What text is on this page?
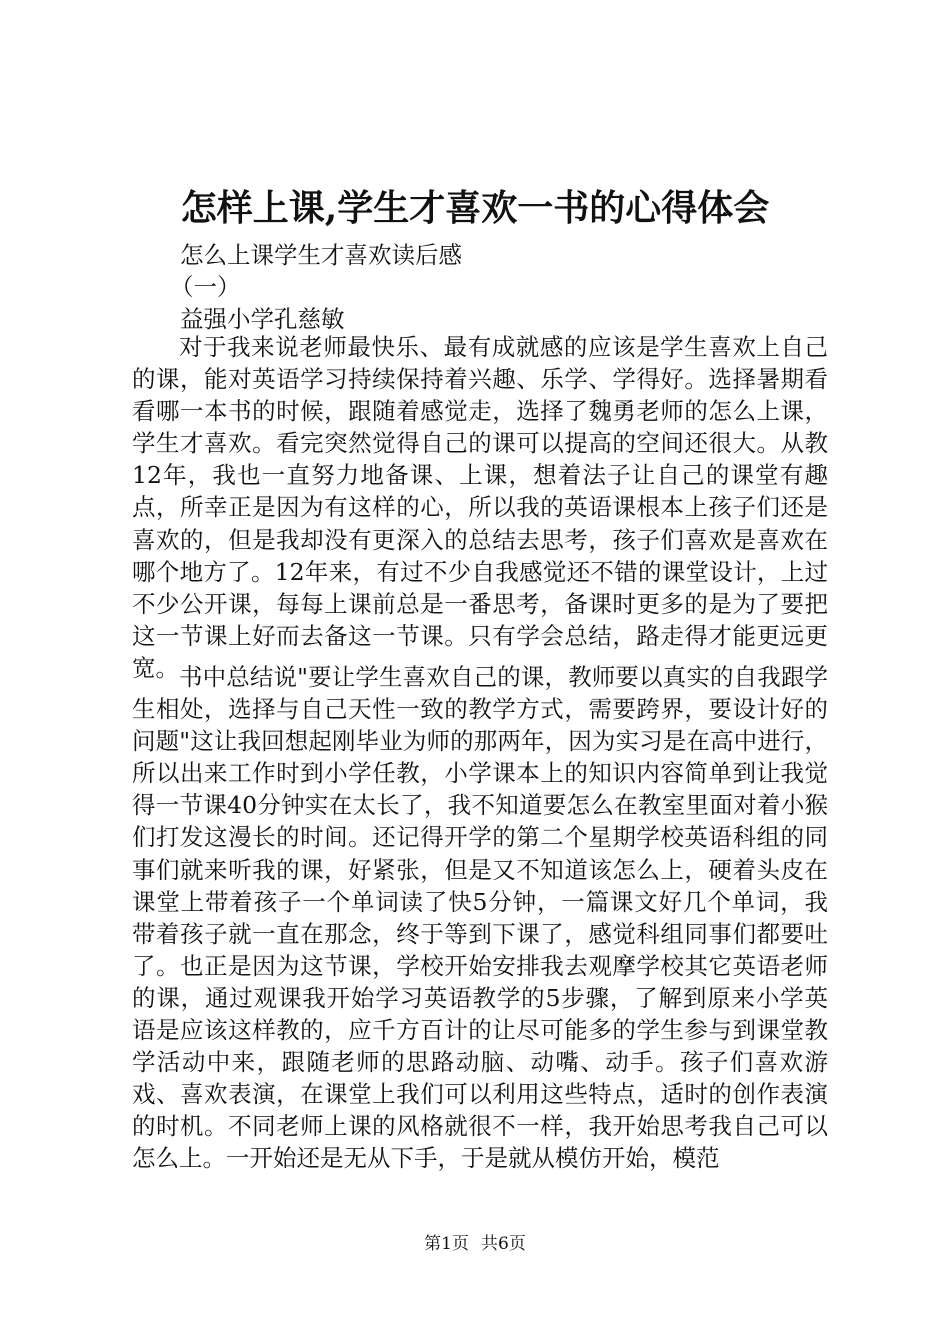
怎样上课,学生才喜欢一书的心得体会
怎么上课学生才喜欢读后感
（一）
益强小学孔慈敏

对于我来说老师最快乐、最有成就感的应该是学生喜欢上自己的课，能对英语学习持续保持着兴趣、乐学、学得好。选择暑期看看哪一本书的时候，跟随着感觉走，选择了魏勇老师的怎么上课，学生才喜欢。看完突然觉得自己的课可以提高的空间还很大。从教12年，我也一直努力地备课、上课，想着法子让自己的课堂有趣点，所幸正是因为有这样的心，所以我的英语课根本上孩子们还是喜欢的，但是我却没有更深入的总结去思考，孩子们喜欢是喜欢在哪个地方了。12年来，有过不少自我感觉还不错的课堂设计，上过不少公开课，每每上课前总是一番思考，备课时更多的是为了要把这一节课上好而去备这一节课。只有学会总结，路走得才能更远更宽。 书中总结说"要让学生喜欢自己的课，教师要以真实的自我跟学生相处，选择与自己天性一致的教学方式，需要跨界，要设计好的问题"这让我回想起刚毕业为师的那两年，因为实习是在高中进行，所以出来工作时到小学任教，小学课本上的知识内容简单到让我觉得一节课40分钟实在太长了，我不知道要怎么在教室里面对着小猴们打发这漫长的时间。还记得开学的第二个星期学校英语科组的同事们就来听我的课，好紧张，但是又不知道该怎么上，硬着头皮在课堂上带着孩子一个单词读了快5分钟，一篇课文好几个单词，我带着孩子就一直在那念，终于等到下课了，感觉科组同事们都要吐了。也正是因为这节课，学校开始安排我去观摩学校其它英语老师的课，通过观课我开始学习英语教学的5步骤，了解到原来小学英语是应该这样教的，应千方百计的让尽可能多的学生参与到课堂教学活动中来，跟随老师的思路动脑、动嘴、动手。孩子们喜欢游戏、喜欢表演，在课堂上我们可以利用这些特点，适时的创作表演的时机。不同老师上课的风格就很不一样，我开始思考我自己可以怎么上。一开始还是无从下手，于是就从模仿开始，模范

第1页 共6页
